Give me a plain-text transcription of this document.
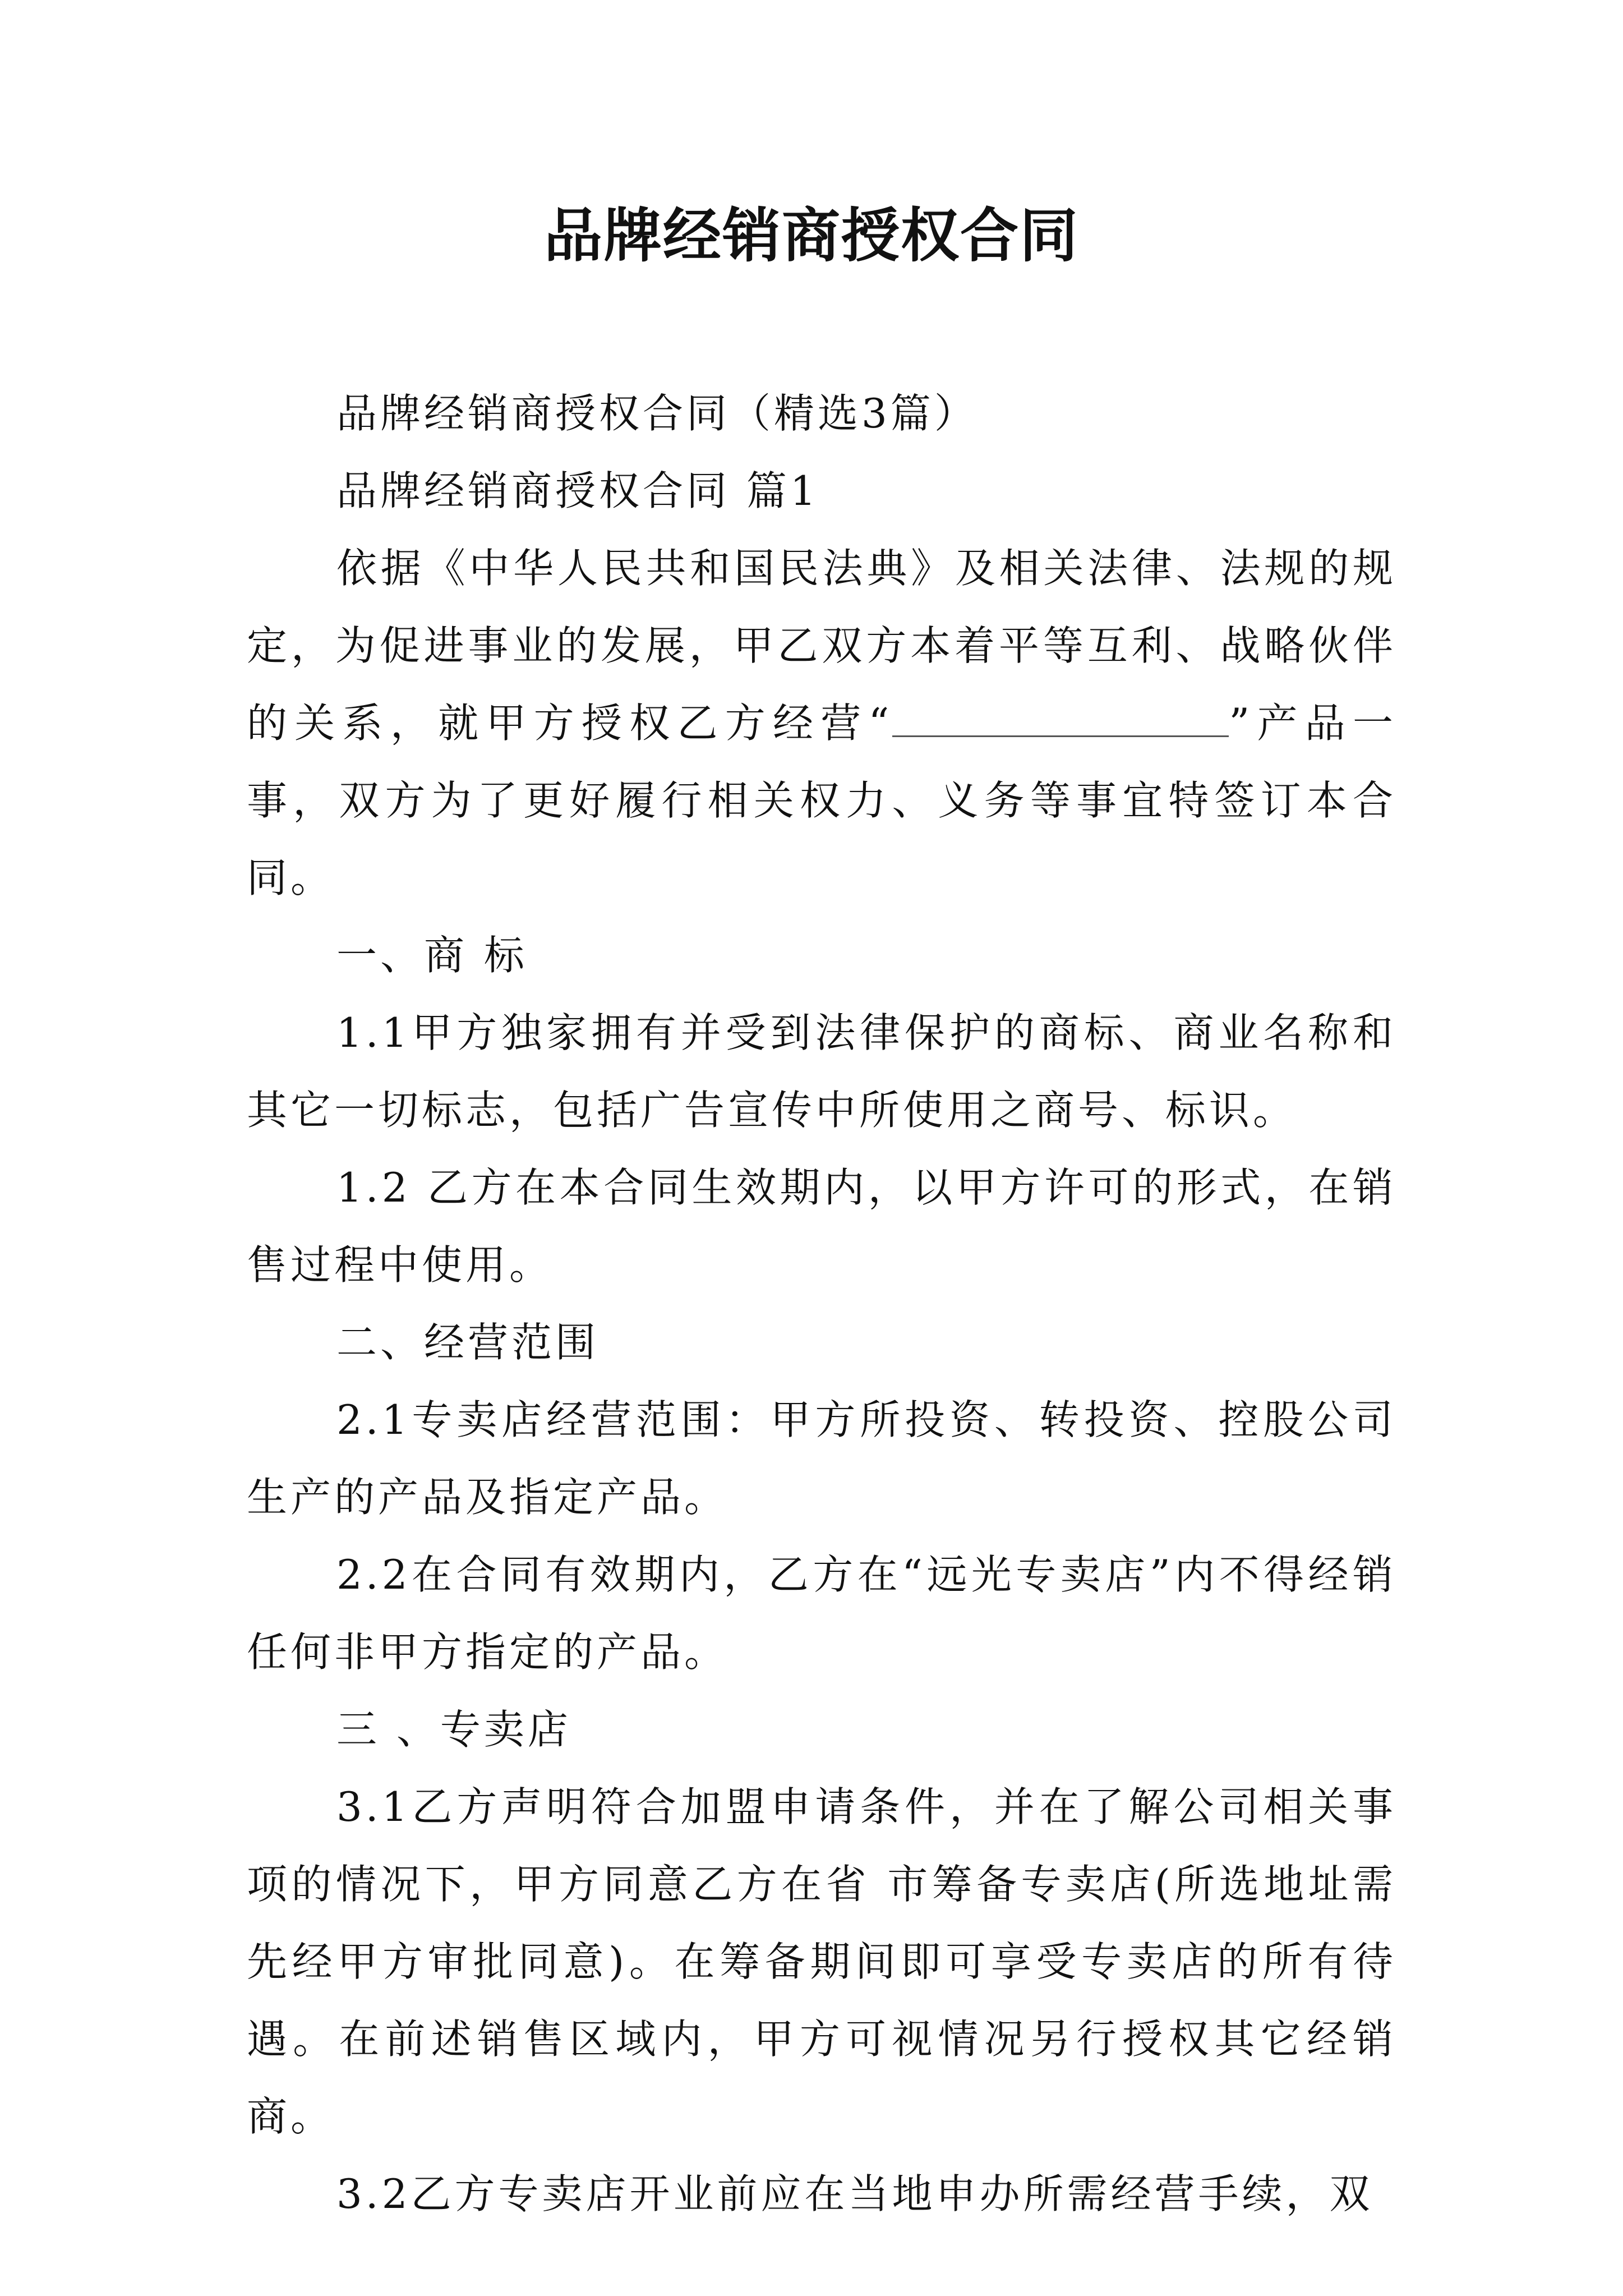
品牌经销商授权合同

品牌经销商授权合同（精选3篇）

品牌经销商授权合同 篇1

依据《中华人民共和国民法典》及相关法律、法规的规定，为促进事业的发展，甲乙双方本着平等互利、战略伙伴的关系，就甲方授权乙方经营“	”产品一事，双方为了更好履行相关权力、义务等事宜特签订本合同。

一、商 标

1.1甲方独家拥有并受到法律保护的商标、商业名称和其它一切标志，包括广告宣传中所使用之商号、标识。

1.2 乙方在本合同生效期内，以甲方许可的形式，在销售过程中使用。

二、经营范围

2.1专卖店经营范围：甲方所投资、转投资、控股公司生产的产品及指定产品。

2.2在合同有效期内，乙方在“远光专卖店”内不得经销任何非甲方指定的产品。

三 、专卖店

3.1乙方声明符合加盟申请条件，并在了解公司相关事项的情况下，甲方同意乙方在省 市筹备专卖店(所选地址需先经甲方审批同意)。在筹备期间即可享受专卖店的所有待遇。在前述销售区域内，甲方可视情况另行授权其它经销商。

3.2乙方专卖店开业前应在当地申办所需经营手续，双
